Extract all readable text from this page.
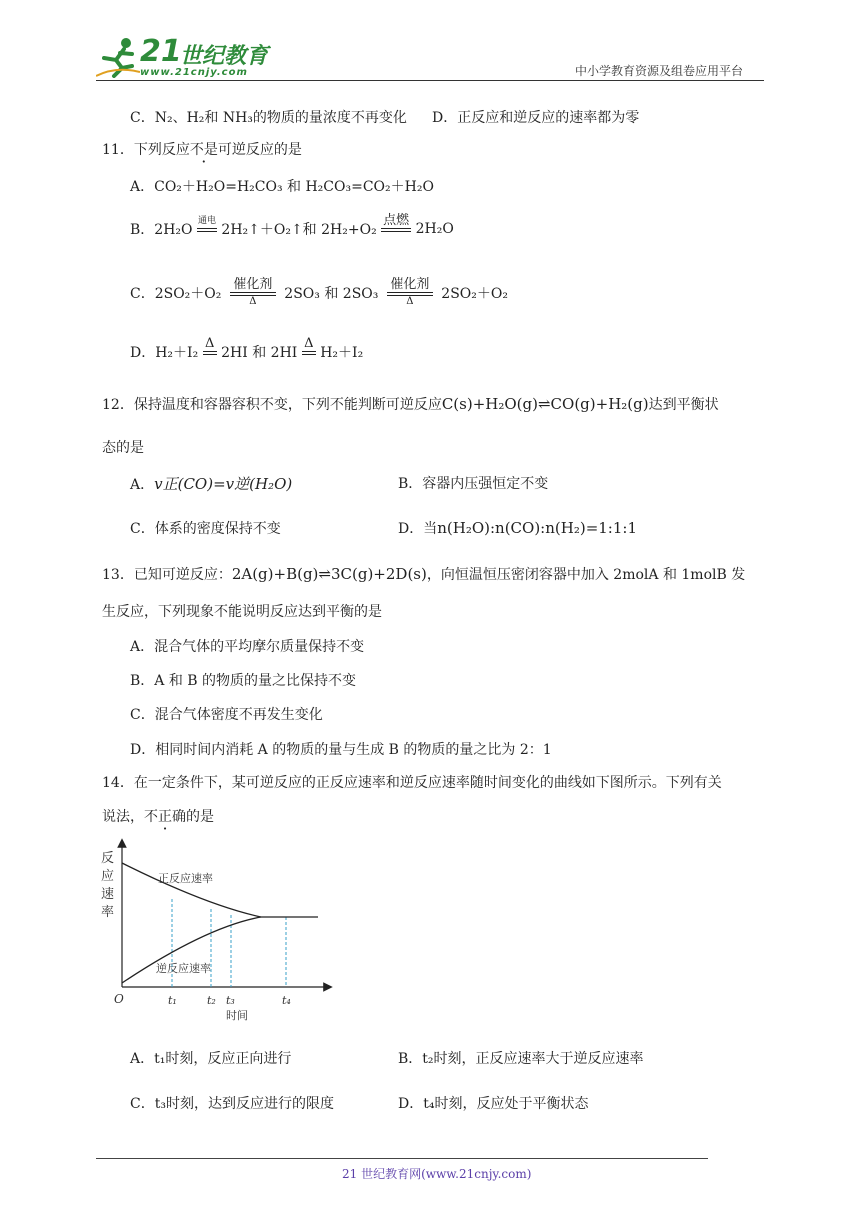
21
世纪教育
www.21cnjy.com	中小学教育资源及组卷应用平台
C．N₂、H₂和 NH₃的物质的量浓度不再变化 D．正反应和逆反应的速率都为零
11．下列反应不是可逆反应的是
A．CO₂＋H₂O=H₂CO₃ 和 H₂CO₃=CO₂＋H₂O
B．2H₂O
通电

2H₂↑＋O₂↑和 2H₂+O₂
点燃

2H₂O
C．2SO₂＋O₂
催化剂
Δ	2SO₃ 和 2SO₃
催化剂
Δ	2SO₂＋O₂
D．H₂＋I₂
Δ

2HI 和 2HI
Δ

H₂＋I₂
12．保持温度和容器容积不变，下列不能判断可逆反应C(s)+H₂O(g)⇌CO(g)+H₂(g)达到平衡状
态的是
A．v正(CO)=v逆(H₂O)	B．容器内压强恒定不变
C．体系的密度保持不变	D．当n(H₂O):n(CO):n(H₂)=1:1:1
13．已知可逆反应：2A(g)+B(g)⇌3C(g)+2D(s)，向恒温恒压密闭容器中加入 2molA 和 1molB 发
生反应，下列现象不能说明反应达到平衡的是
A．混合气体的平均摩尔质量保持不变
B．A 和 B 的物质的量之比保持不变
C．混合气体密度不再发生变化
D．相同时间内消耗 A 的物质的量与生成 B 的物质的量之比为 2：1
14．在一定条件下，某可逆反应的正反应速率和逆反应速率随时间变化的曲线如下图所示。下列有关
说法，不正确的是
反
应
速
率
正反应速率
逆反应速率
O	t₁	t₂ t₃	t₄
时间
A．t₁时刻，反应正向进行	B．t₂时刻，正反应速率大于逆反应速率
C．t₃时刻，达到反应进行的限度	D．t₄时刻，反应处于平衡状态
21 世纪教育网(www.21cnjy.com)
